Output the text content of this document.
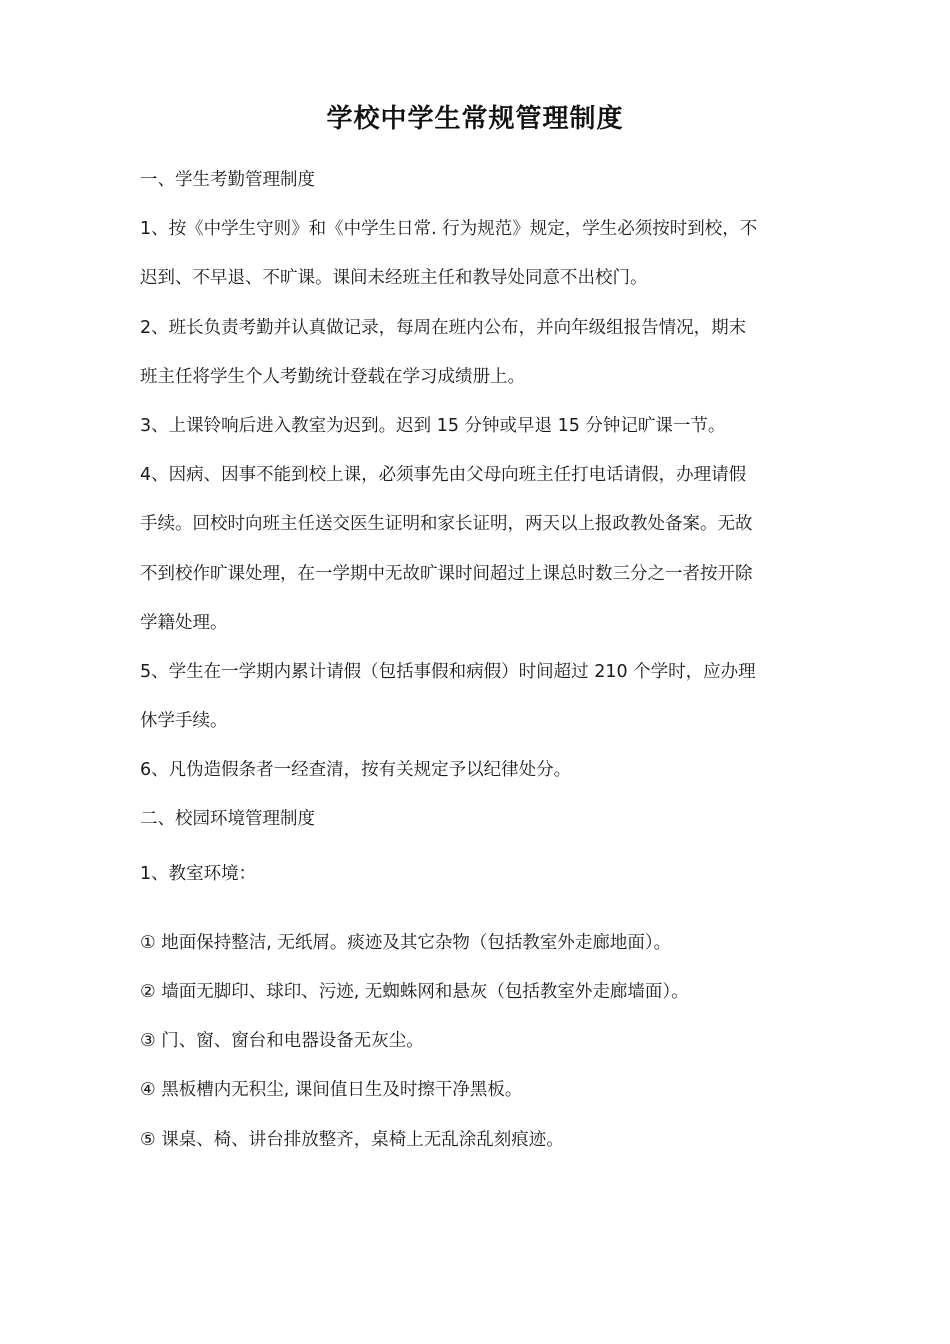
学校中学生常规管理制度
一、学生考勤管理制度
1、按《中学生守则》和《中学生日常. 行为规范》规定，学生必须按时到校，不
迟到、不早退、不旷课。课间未经班主任和教导处同意不出校门。
2、班长负责考勤并认真做记录，每周在班内公布，并向年级组报告情况，期末
班主任将学生个人考勤统计登载在学习成绩册上。
3、上课铃响后进入教室为迟到。迟到 15 分钟或早退 15 分钟记旷课一节。
4、因病、因事不能到校上课，必须事先由父母向班主任打电话请假，办理请假
手续。回校时向班主任送交医生证明和家长证明，两天以上报政教处备案。无故
不到校作旷课处理，在一学期中无故旷课时间超过上课总时数三分之一者按开除
学籍处理。
5、学生在一学期内累计请假（包括事假和病假）时间超过 210 个学时，应办理
休学手续。
6、凡伪造假条者一经查清，按有关规定予以纪律处分。
二、校园环境管理制度
1、教室环境：
① 地面保持整洁, 无纸屑。痰迹及其它杂物（包括教室外走廊地面）。
② 墙面无脚印、球印、污迹, 无蜘蛛网和悬灰（包括教室外走廊墙面）。
③ 门、窗、窗台和电器设备无灰尘。
④ 黑板槽内无积尘, 课间值日生及时擦干净黑板。
⑤ 课桌、椅、讲台排放整齐，桌椅上无乱涂乱刻痕迹。
